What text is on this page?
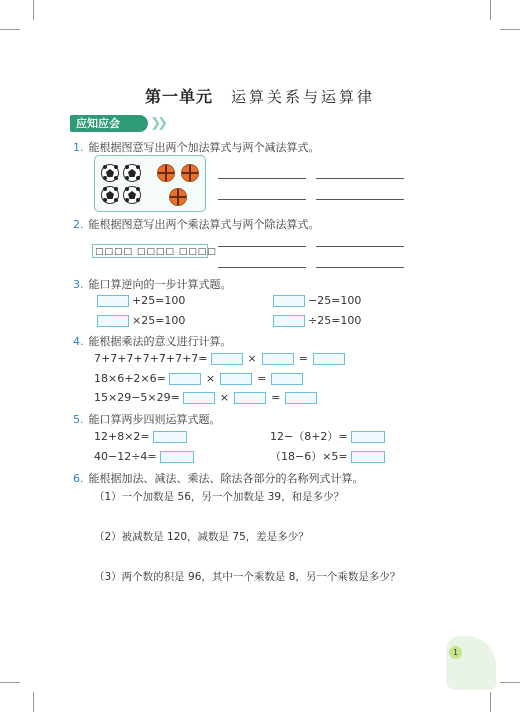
第一单元 运算关系与运算律
应知应会 ❯❯
1. 能根据图意写出两个加法算式与两个减法算式。
2. 能根据图意写出两个乘法算式与两个除法算式。
□□□□ □□□□ □□□□
3. 能口算逆向的一步计算式题。
+25=100	−25=100
×25=100	÷25=100
4. 能根据乘法的意义进行计算。
7+7+7+7+7+7+7=	×	=
18×6+2×6=	×	=
15×29−5×29=	×	=
5. 能口算两步四则运算式题。
12+8×2=	12−（8+2）=
40−12÷4=	（18−6）×5=
6. 能根据加法、减法、乘法、除法各部分的名称列式计算。
（1）一个加数是 56，另一个加数是 39，和是多少？
（2）被减数是 120，减数是 75，差是多少？
（3）两个数的积是 96，其中一个乘数是 8，另一个乘数是多少？
1
